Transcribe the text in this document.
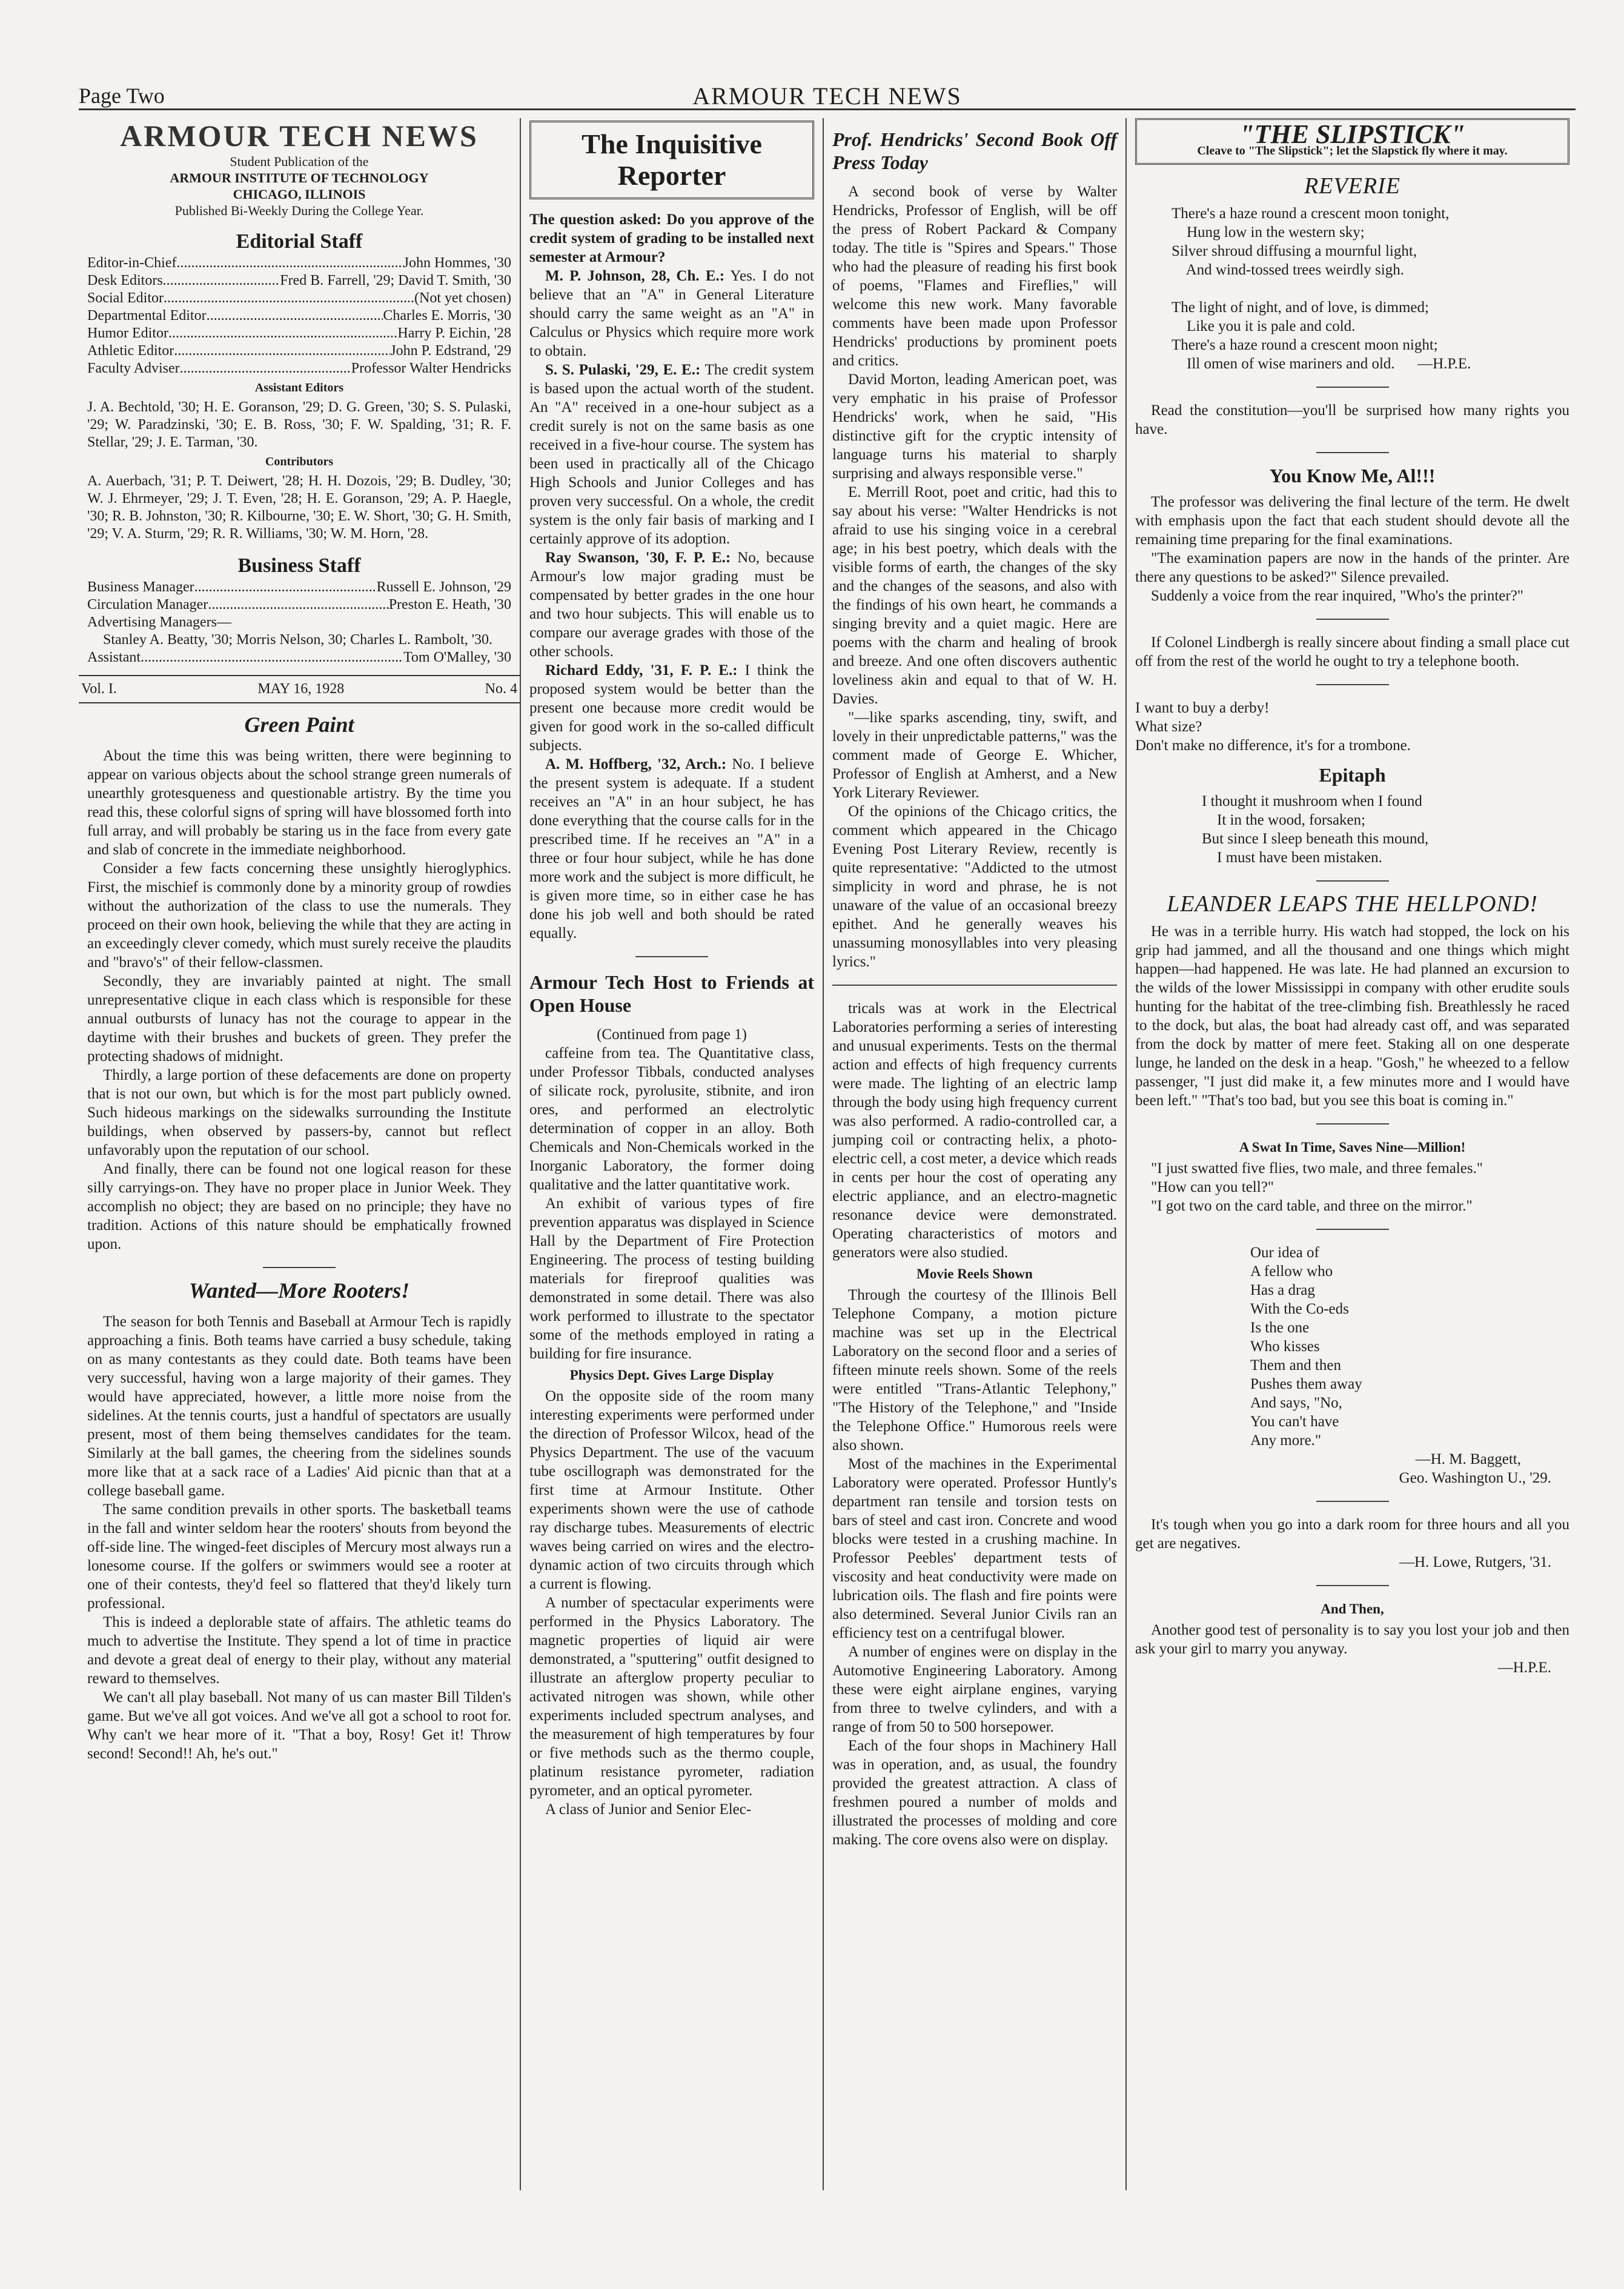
Page Two	ARMOUR TECH NEWS
ARMOUR TECH NEWS
Student Publication of the
ARMOUR INSTITUTE OF TECHNOLOGY
CHICAGO, ILLINOIS
Published Bi-Weekly During the College Year.
Editorial Staff
Editor-in-Chief .....	John Hommes, '30
Desk Editors .....	Fred B. Farrell, '29; David T. Smith, '30
Social Editor .....	(Not yet chosen)
Departmental Editor .....	Charles E. Morris, '30
Humor Editor .....	Harry P. Eichin, '28
Athletic Editor .....	John P. Edstrand, '29
Faculty Adviser .....	Professor Walter Hendricks
Assistant Editors

J. A. Bechtold, '30; H. E. Goranson, '29; D. G. Green, '30; S. S. Pulaski, '29; W. Paradzinski, '30; E. B. Ross, '30; F. W. Spalding, '31; R. F. Stellar, '29; J. E. Tarman, '30.

Contributors

A. Auerbach, '31; P. T. Deiwert, '28; H. H. Dozois, '29; B. Dudley, '30; W. J. Ehrmeyer, '29; J. T. Even, '28; H. E. Goranson, '29; A. P. Haegle, '30; R. B. Johnston, '30; R. Kilbourne, '30; E. W. Short, '30; G. H. Smith, '29; V. A. Sturm, '29; R. R. Williams, '30; W. M. Horn, '28.

Business Staff
Business Manager .....	Russell E. Johnson, '29
Circulation Manager .....	Preston E. Heath, '30
Advertising Managers—

Stanley A. Beatty, '30; Morris Nelson, 30; Charles L. Rambolt, '30.

Assistant .....	Tom O'Malley, '30
Vol. I.	MAY 16, 1928	No. 4
Green Paint

About the time this was being written, there were beginning to appear on various objects about the school strange green numerals of unearthly grotesqueness and questionable artistry. By the time you read this, these colorful signs of spring will have blossomed forth into full array, and will probably be staring us in the face from every gate and slab of concrete in the immediate neighborhood.

Consider a few facts concerning these unsightly hieroglyphics. First, the mischief is commonly done by a minority group of rowdies without the authorization of the class to use the numerals. They proceed on their own hook, believing the while that they are acting in an exceedingly clever comedy, which must surely receive the plaudits and "bravo's" of their fellow-classmen.

Secondly, they are invariably painted at night. The small unrepresentative clique in each class which is responsible for these annual outbursts of lunacy has not the courage to appear in the daytime with their brushes and buckets of green. They prefer the protecting shadows of midnight.

Thirdly, a large portion of these defacements are done on property that is not our own, but which is for the most part publicly owned. Such hideous markings on the sidewalks surrounding the Institute buildings, when observed by passers-by, cannot but reflect unfavorably upon the reputation of our school.

And finally, there can be found not one logical reason for these silly carryings-on. They have no proper place in Junior Week. They accomplish no object; they are based on no principle; they have no tradition. Actions of this nature should be emphatically frowned upon.

Wanted—More Rooters!

The season for both Tennis and Baseball at Armour Tech is rapidly approaching a finis. Both teams have carried a busy schedule, taking on as many contestants as they could date. Both teams have been very successful, having won a large majority of their games. They would have appreciated, however, a little more noise from the sidelines. At the tennis courts, just a handful of spectators are usually present, most of them being themselves candidates for the team. Similarly at the ball games, the cheering from the sidelines sounds more like that at a sack race of a Ladies' Aid picnic than that at a college baseball game.

The same condition prevails in other sports. The basketball teams in the fall and winter seldom hear the rooters' shouts from beyond the off-side line. The winged-feet disciples of Mercury most always run a lonesome course. If the golfers or swimmers would see a rooter at one of their contests, they'd feel so flattered that they'd likely turn professional.

This is indeed a deplorable state of affairs. The athletic teams do much to advertise the Institute. They spend a lot of time in practice and devote a great deal of energy to their play, without any material reward to themselves.

We can't all play baseball. Not many of us can master Bill Tilden's game. But we've all got voices. And we've all got a school to root for. Why can't we hear more of it. "That a boy, Rosy! Get it! Throw second! Second!! Ah, he's out."

The Inquisitive Reporter

The question asked: Do you approve of the credit system of grading to be installed next semester at Armour?

M. P. Johnson, 28, Ch. E.: Yes. I do not believe that an "A" in General Literature should carry the same weight as an "A" in Calculus or Physics which require more work to obtain.

S. S. Pulaski, '29, E. E.: The credit system is based upon the actual worth of the student. An "A" received in a one-hour subject as a credit surely is not on the same basis as one received in a five-hour course. The system has been used in practically all of the Chicago High Schools and Junior Colleges and has proven very successful. On a whole, the credit system is the only fair basis of marking and I certainly approve of its adoption.

Ray Swanson, '30, F. P. E.: No, because Armour's low major grading must be compensated by better grades in the one hour and two hour subjects. This will enable us to compare our average grades with those of the other schools.

Richard Eddy, '31, F. P. E.: I think the proposed system would be better than the present one because more credit would be given for good work in the so-called difficult subjects.

A. M. Hoffberg, '32, Arch.: No. I believe the present system is adequate. If a student receives an "A" in an hour subject, he has done everything that the course calls for in the prescribed time. If he receives an "A" in a three or four hour subject, while he has done more work and the subject is more difficult, he is given more time, so in either case he has done his job well and both should be rated equally.

Armour Tech Host to Friends at Open House
(Continued from page 1)

caffeine from tea. The Quantitative class, under Professor Tibbals, conducted analyses of silicate rock, pyrolusite, stibnite, and iron ores, and performed an electrolytic determination of copper in an alloy. Both Chemicals and Non-Chemicals worked in the Inorganic Laboratory, the former doing qualitative and the latter quantitative work.

An exhibit of various types of fire prevention apparatus was displayed in Science Hall by the Department of Fire Protection Engineering. The process of testing building materials for fireproof qualities was demonstrated in some detail. There was also work performed to illustrate to the spectator some of the methods employed in rating a building for fire insurance.

Physics Dept. Gives Large Display

On the opposite side of the room many interesting experiments were performed under the direction of Professor Wilcox, head of the Physics Department. The use of the vacuum tube oscillograph was demonstrated for the first time at Armour Institute. Other experiments shown were the use of cathode ray discharge tubes. Measurements of electric waves being carried on wires and the electro-dynamic action of two circuits through which a current is flowing.

A number of spectacular experiments were performed in the Physics Laboratory. The magnetic properties of liquid air were demonstrated, a "sputtering" outfit designed to illustrate an afterglow property peculiar to activated nitrogen was shown, while other experiments included spectrum analyses, and the measurement of high temperatures by four or five methods such as the thermo couple, platinum resistance pyrometer, radiation pyrometer, and an optical pyrometer.

A class of Junior and Senior Elec-

Prof. Hendricks' Second Book Off Press Today

A second book of verse by Walter Hendricks, Professor of English, will be off the press of Robert Packard & Company today. The title is "Spires and Spears." Those who had the pleasure of reading his first book of poems, "Flames and Fireflies," will welcome this new work. Many favorable comments have been made upon Professor Hendricks' productions by prominent poets and critics.

David Morton, leading American poet, was very emphatic in his praise of Professor Hendricks' work, when he said, "His distinctive gift for the cryptic intensity of language turns his material to sharply surprising and always responsible verse."

E. Merrill Root, poet and critic, had this to say about his verse: "Walter Hendricks is not afraid to use his singing voice in a cerebral age; in his best poetry, which deals with the visible forms of earth, the changes of the sky and the changes of the seasons, and also with the findings of his own heart, he commands a singing brevity and a quiet magic. Here are poems with the charm and healing of brook and breeze. And one often discovers authentic loveliness akin and equal to that of W. H. Davies.

"—like sparks ascending, tiny, swift, and lovely in their unpredictable patterns," was the comment made of George E. Whicher, Professor of English at Amherst, and a New York Literary Reviewer.

Of the opinions of the Chicago critics, the comment which appeared in the Chicago Evening Post Literary Review, recently is quite representative: "Addicted to the utmost simplicity in word and phrase, he is not unaware of the value of an occasional breezy epithet. And he generally weaves his unassuming monosyllables into very pleasing lyrics."

tricals was at work in the Electrical Laboratories performing a series of interesting and unusual experiments. Tests on the thermal action and effects of high frequency currents were made. The lighting of an electric lamp through the body using high frequency current was also performed. A radio-controlled car, a jumping coil or contracting helix, a photo-electric cell, a cost meter, a device which reads in cents per hour the cost of operating any electric appliance, and an electro-magnetic resonance device were demonstrated. Operating characteristics of motors and generators were also studied.

Movie Reels Shown

Through the courtesy of the Illinois Bell Telephone Company, a motion picture machine was set up in the Electrical Laboratory on the second floor and a series of fifteen minute reels shown. Some of the reels were entitled "Trans-Atlantic Telephony," "The History of the Telephone," and "Inside the Telephone Office." Humorous reels were also shown.

Most of the machines in the Experimental Laboratory were operated. Professor Huntly's department ran tensile and torsion tests on bars of steel and cast iron. Concrete and wood blocks were tested in a crushing machine. In Professor Peebles' department tests of viscosity and heat conductivity were made on lubrication oils. The flash and fire points were also determined. Several Junior Civils ran an efficiency test on a centrifugal blower.

A number of engines were on display in the Automotive Engineering Laboratory. Among these were eight airplane engines, varying from three to twelve cylinders, and with a range of from 50 to 500 horsepower.

Each of the four shops in Machinery Hall was in operation, and, as usual, the foundry provided the greatest attraction. A class of freshmen poured a number of molds and illustrated the processes of molding and core making. The core ovens also were on display.

"THE SLIPSTICK"
Cleave to "The Slipstick"; let the Slapstick fly where it may.
REVERIE
There's a haze round a crescent moon tonight,
Hung low in the western sky;
Silver shroud diffusing a mournful light,
And wind-tossed trees weirdly sigh.

The light of night, and of love, is dimmed;
Like you it is pale and cold.
There's a haze round a crescent moon night;
Ill omen of wise mariners and old.      —H.P.E.

Read the constitution—you'll be surprised how many rights you have.

You Know Me, Al!!!

The professor was delivering the final lecture of the term. He dwelt with emphasis upon the fact that each student should devote all the remaining time preparing for the final examinations.

"The examination papers are now in the hands of the printer. Are there any questions to be asked?" Silence prevailed.

Suddenly a voice from the rear inquired, "Who's the printer?"

If Colonel Lindbergh is really sincere about finding a small place cut off from the rest of the world he ought to try a telephone booth.

I want to buy a derby!
What size?
Don't make no difference, it's for a trombone.
Epitaph
I thought it mushroom when I found
It in the wood, forsaken;
But since I sleep beneath this mound,
I must have been mistaken.
LEANDER LEAPS THE HELLPOND!

He was in a terrible hurry. His watch had stopped, the lock on his grip had jammed, and all the thousand and one things which might happen—had happened. He was late. He had planned an excursion to the wilds of the lower Mississippi in company with other erudite souls hunting for the habitat of the tree-climbing fish. Breathlessly he raced to the dock, but alas, the boat had already cast off, and was separated from the dock by matter of mere feet. Staking all on one desperate lunge, he landed on the desk in a heap. "Gosh," he wheezed to a fellow passenger, "I just did make it, a few minutes more and I would have been left." "That's too bad, but you see this boat is coming in."

A Swat In Time, Saves Nine—Million!

"I just swatted five flies, two male, and three females."

"How can you tell?"

"I got two on the card table, and three on the mirror."

Our idea of
A fellow who
Has a drag
With the Co-eds
Is the one
Who kisses
Them and then
Pushes them away
And says, "No,
You can't have
Any more."
—H. M. Baggett,
Geo. Washington U., '29.

It's tough when you go into a dark room for three hours and all you get are negatives.

—H. Lowe, Rutgers, '31.
And Then,

Another good test of personality is to say you lost your job and then ask your girl to marry you anyway.

—H.P.E.
